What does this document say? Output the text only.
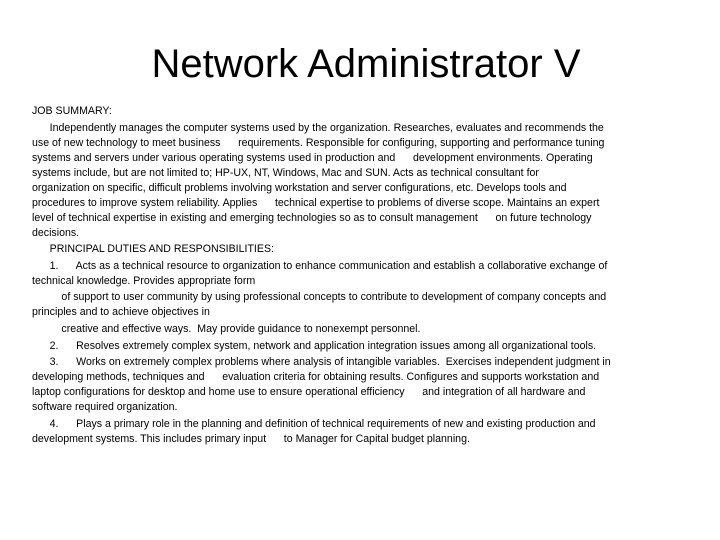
Network Administrator V
JOB SUMMARY:
Independently manages the computer systems used by the organization. Researches, evaluates and recommends the
use of new technology to meet business      requirements. Responsible for configuring, supporting and performance tuning
systems and servers under various operating systems used in production and      development environments. Operating
systems include, but are not limited to; HP-UX, NT, Windows, Mac and SUN. Acts as technical consultant for
organization on specific, difficult problems involving workstation and server configurations, etc. Develops tools and
procedures to improve system reliability. Applies      technical expertise to problems of diverse scope. Maintains an expert
level of technical expertise in existing and emerging technologies so as to consult management      on future technology
decisions.
PRINCIPAL DUTIES AND RESPONSIBILITIES:
1.      Acts as a technical resource to organization to enhance communication and establish a collaborative exchange of
technical knowledge. Provides appropriate form
of support to user community by using professional concepts to contribute to development of company concepts and
principles and to achieve objectives in
creative and effective ways.  May provide guidance to nonexempt personnel.
2.      Resolves extremely complex system, network and application integration issues among all organizational tools.
3.      Works on extremely complex problems where analysis of intangible variables.  Exercises independent judgment in
developing methods, techniques and      evaluation criteria for obtaining results. Configures and supports workstation and
laptop configurations for desktop and home use to ensure operational efficiency      and integration of all hardware and
software required organization.
4.      Plays a primary role in the planning and definition of technical requirements of new and existing production and
development systems. This includes primary input      to Manager for Capital budget planning.
